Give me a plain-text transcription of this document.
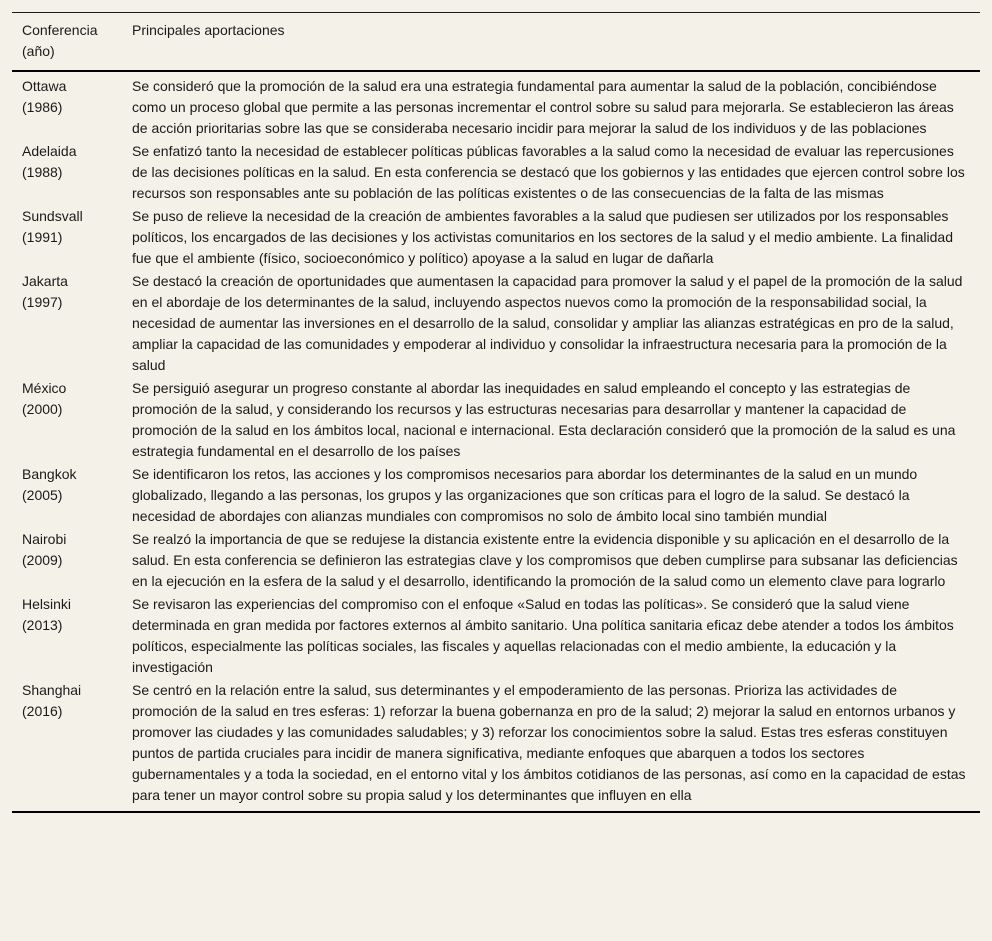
Conferencia
(año)
Principales aportaciones
Ottawa
(1986)
Se consideró que la promoción de la salud era una estrategia fundamental para aumentar la salud de la población, concibiéndose como un proceso global que permite a las personas incrementar el control sobre su salud para mejorarla. Se establecieron las áreas de acción prioritarias sobre las que se consideraba necesario incidir para mejorar la salud de los individuos y de las poblaciones
Adelaida
(1988)
Se enfatizó tanto la necesidad de establecer políticas públicas favorables a la salud como la necesidad de evaluar las repercusiones de las decisiones políticas en la salud. En esta conferencia se destacó que los gobiernos y las entidades que ejercen control sobre los recursos son responsables ante su población de las políticas existentes o de las consecuencias de la falta de las mismas
Sundsvall
(1991)
Se puso de relieve la necesidad de la creación de ambientes favorables a la salud que pudiesen ser utilizados por los responsables políticos, los encargados de las decisiones y los activistas comunitarios en los sectores de la salud y el medio ambiente. La finalidad fue que el ambiente (físico, socioeconómico y político) apoyase a la salud en lugar de dañarla
Jakarta
(1997)
Se destacó la creación de oportunidades que aumentasen la capacidad para promover la salud y el papel de la promoción de la salud en el abordaje de los determinantes de la salud, incluyendo aspectos nuevos como la promoción de la responsabilidad social, la necesidad de aumentar las inversiones en el desarrollo de la salud, consolidar y ampliar las alianzas estratégicas en pro de la salud, ampliar la capacidad de las comunidades y empoderar al individuo y consolidar la infraestructura necesaria para la promoción de la salud
México
(2000)
Se persiguió asegurar un progreso constante al abordar las inequidades en salud empleando el concepto y las estrategias de promoción de la salud, y considerando los recursos y las estructuras necesarias para desarrollar y mantener la capacidad de promoción de la salud en los ámbitos local, nacional e internacional. Esta declaración consideró que la promoción de la salud es una estrategia fundamental en el desarrollo de los países
Bangkok
(2005)
Se identificaron los retos, las acciones y los compromisos necesarios para abordar los determinantes de la salud en un mundo globalizado, llegando a las personas, los grupos y las organizaciones que son críticas para el logro de la salud. Se destacó la necesidad de abordajes con alianzas mundiales con compromisos no solo de ámbito local sino también mundial
Nairobi
(2009)
Se realzó la importancia de que se redujese la distancia existente entre la evidencia disponible y su aplicación en el desarrollo de la salud. En esta conferencia se definieron las estrategias clave y los compromisos que deben cumplirse para subsanar las deficiencias en la ejecución en la esfera de la salud y el desarrollo, identificando la promoción de la salud como un elemento clave para lograrlo
Helsinki
(2013)
Se revisaron las experiencias del compromiso con el enfoque «Salud en todas las políticas». Se consideró que la salud viene determinada en gran medida por factores externos al ámbito sanitario. Una política sanitaria eficaz debe atender a todos los ámbitos políticos, especialmente las políticas sociales, las fiscales y aquellas relacionadas con el medio ambiente, la educación y la investigación
Shanghai
(2016)
Se centró en la relación entre la salud, sus determinantes y el empoderamiento de las personas. Prioriza las actividades de promoción de la salud en tres esferas: 1) reforzar la buena gobernanza en pro de la salud; 2) mejorar la salud en entornos urbanos y promover las ciudades y las comunidades saludables; y 3) reforzar los conocimientos sobre la salud. Estas tres esferas constituyen puntos de partida cruciales para incidir de manera significativa, mediante enfoques que abarquen a todos los sectores gubernamentales y a toda la sociedad, en el entorno vital y los ámbitos cotidianos de las personas, así como en la capacidad de estas para tener un mayor control sobre su propia salud y los determinantes que influyen en ella
